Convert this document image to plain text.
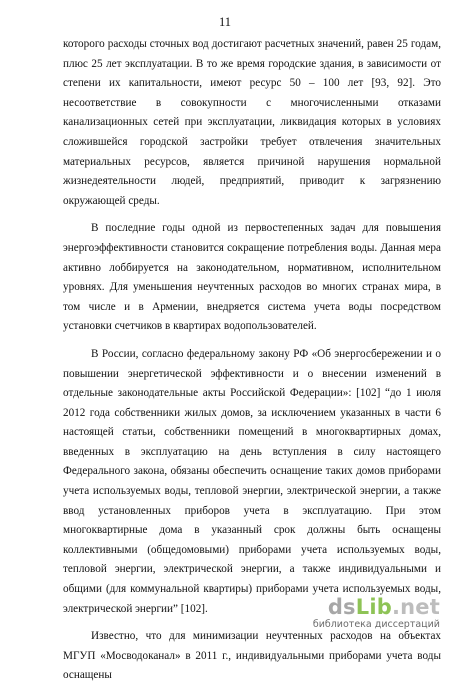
11

которого расходы сточных вод достигают расчетных значений, равен 25 годам, плюс 25 лет эксплуатации. В то же время городские здания, в зависимости от степени их капитальности, имеют ресурс 50 – 100 лет [93, 92]. Это несоответствие в совокупности с многочисленными отказами канализационных сетей при эксплуатации, ликвидация которых в условиях сложившейся городской застройки требует отвлечения значительных материальных ресурсов, является причиной нарушения нормальной жизнедеятельности людей, предприятий, приводит к загрязнению окружающей среды.

В последние годы одной из первостепенных задач для повышения энергоэффективности становится сокращение потребления воды. Данная мера активно лоббируется на законодательном, нормативном, исполнительном уровнях. Для уменьшения неучтенных расходов во многих странах мира, в том числе и в Армении, внедряется система учета воды посредством установки счетчиков в квартирах водопользователей.

В России, согласно федеральному закону РФ «Об энергосбережении и о повышении энергетической эффективности и о внесении изменений в отдельные законодательные акты Российской Федерации»: [102] “до 1 июля 2012 года собственники жилых домов, за исключением указанных в части 6 настоящей статьи, собственники помещений в многоквартирных домах, введенных в эксплуатацию на день вступления в силу настоящего Федерального закона, обязаны обеспечить оснащение таких домов приборами учета используемых воды, тепловой энергии, электрической энергии, а также ввод установленных приборов учета в эксплуатацию. При этом многоквартирные дома в указанный срок должны быть оснащены коллективными (общедомовыми) приборами учета используемых воды, тепловой энергии, электрической энергии, а также индивидуальными и общими (для коммунальной квартиры) приборами учета используемых воды, электрической энергии” [102].

Известно, что для минимизации неучтенных расходов на объектах МГУП «Мосводоканал» в 2011 г., индивидуальными приборами учета воды оснащены

dsLib.net
библиотека диссертаций
